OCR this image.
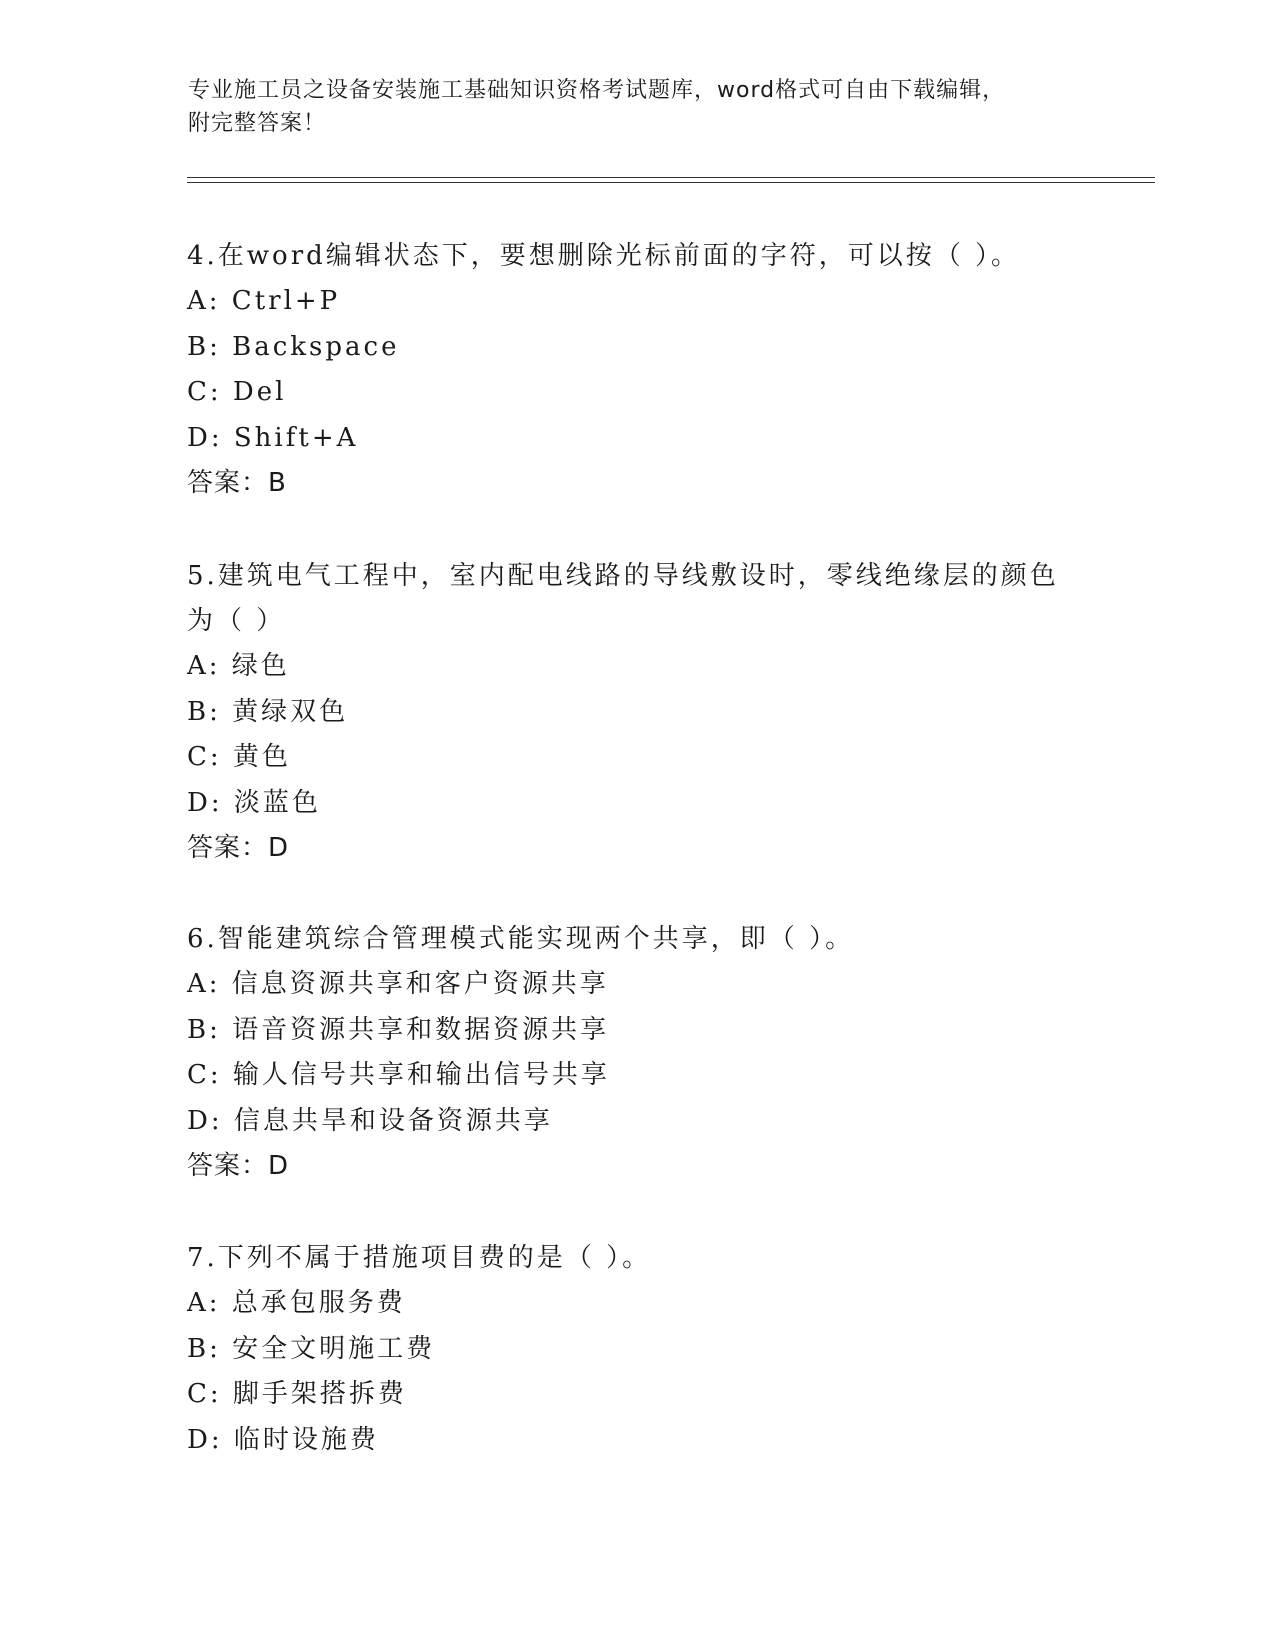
专业施工员之设备安装施工基础知识资格考试题库，word格式可自由下载编辑，
附完整答案！
4.在word编辑状态下，要想删除光标前面的字符，可以按（ ）。
A: Ctrl+P
B: Backspace
C: Del
D: Shift+A
答案：B
5.建筑电气工程中，室内配电线路的导线敷设时，零线绝缘层的颜色
为（ ）
A: 绿色
B: 黄绿双色
C: 黄色
D: 淡蓝色
答案：D
6.智能建筑综合管理模式能实现两个共享，即（ ）。
A: 信息资源共享和客户资源共享
B: 语音资源共享和数据资源共享
C: 输人信号共享和输出信号共享
D: 信息共旱和设备资源共享
答案：D
7.下列不属于措施项目费的是（ ）。
A: 总承包服务费
B: 安全文明施工费
C: 脚手架搭拆费
D: 临时设施费
